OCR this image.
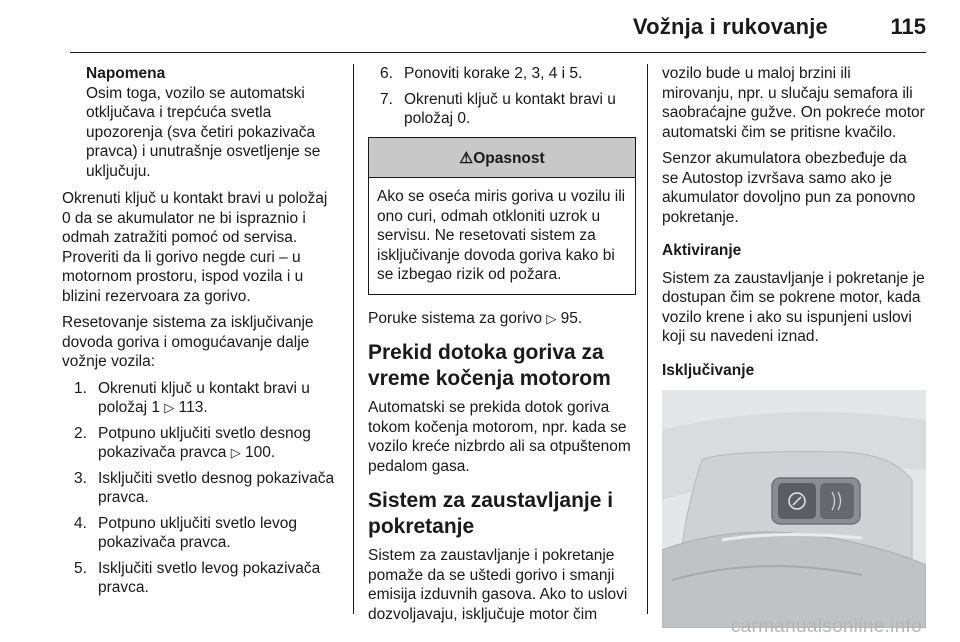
Vožnja i rukovanje	115
Napomena
Osim toga, vozilo se automatski otključava i trepćuća svetla upozorenja (sva četiri pokazivača pravca) i unutrašnje osvetljenje se uključuju.

Okrenuti ključ u kontakt bravi u položaj 0 da se akumulator ne bi ispraznio i odmah zatražiti pomoć od servisa. Proveriti da li gorivo negde curi – u motornom prostoru, ispod vozila i u blizini rezervoara za gorivo.

Resetovanje sistema za isključivanje dovoda goriva i omogućavanje dalje vožnje vozila:

1. Okrenuti ključ u kontakt bravi u položaj 1 ▷ 113.
2. Potpuno uključiti svetlo desnog pokazivača pravca ▷ 100.
3. Isključiti svetlo desnog pokazivača pravca.
4. Potpuno uključiti svetlo levog pokazivača pravca.
5. Isključiti svetlo levog pokazivača pravca.
6. Ponoviti korake 2, 3, 4 i 5.
7. Okrenuti ključ u kontakt bravi u položaj 0.
⚠Opasnost
Ako se oseća miris goriva u vozilu ili ono curi, odmah otkloniti uzrok u servisu. Ne resetovati sistem za isključivanje dovoda goriva kako bi se izbegao rizik od požara.

Poruke sistema za gorivo ▷ 95.

Prekid dotoka goriva za vreme kočenja motorom

Automatski se prekida dotok goriva tokom kočenja motorom, npr. kada se vozilo kreće nizbrdo ali sa otpuštenom pedalom gasa.

Sistem za zaustavljanje i pokretanje

Sistem za zaustavljanje i pokretanje pomaže da se uštedi gorivo i smanji emisija izduvnih gasova. Ako to uslovi dozvoljavaju, isključuje motor čim

vozilo bude u maloj brzini ili mirovanju, npr. u slučaju semafora ili saobraćajne gužve. On pokreće motor automatski čim se pritisne kvačilo.

Senzor akumulatora obezbeđuje da se Autostop izvršava samo ako je akumulator dovoljno pun za ponovno pokretanje.

Aktiviranje

Sistem za zaustavljanje i pokretanje je dostupan čim se pokrene motor, kada vozilo krene i ako su ispunjeni uslovi koji su navedeni iznad.

Isključivanje
carmanualsonline.info
